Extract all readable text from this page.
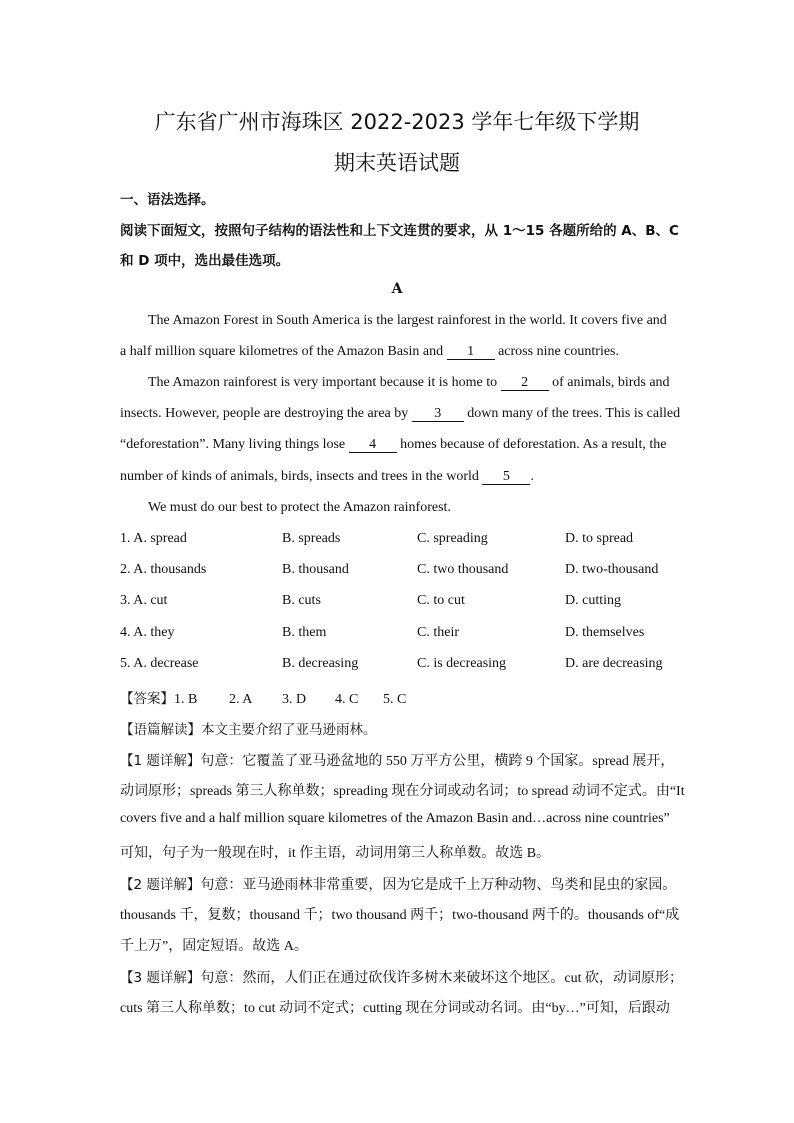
广东省广州市海珠区 2022-2023 学年七年级下学期
期末英语试题
一、语法选择。
阅读下面短文，按照句子结构的语法性和上下文连贯的要求，从 1～15 各题所给的 A、B、C
和 D 项中，选出最佳选项。
A
The Amazon Forest in South America is the largest rainforest in the world. It covers five and
a half million square kilometres of the Amazon Basin and 1 across nine countries.
The Amazon rainforest is very important because it is home to 2 of animals, birds and
insects. However, people are destroying the area by 3 down many of the trees. This is called
“deforestation”. Many living things lose 4 homes because of deforestation. As a result, the
number of kinds of animals, birds, insects and trees in the world 5 .
We must do our best to protect the Amazon rainforest.
1. A. spread	B. spreads	C. spreading	D. to spread
2. A. thousands	B. thousand	C. two thousand	D. two-thousand
3. A. cut	B. cuts	C. to cut	D. cutting
4. A. they	B. them	C. their	D. themselves
5. A. decrease	B. decreasing	C. is decreasing	D. are decreasing
【答案】1. B 2. A 3. D 4. C 5. C
【语篇解读】本文主要介绍了亚马逊雨林。
【1 题详解】句意：它覆盖了亚马逊盆地的 550 万平方公里，横跨 9 个国家。spread 展开，
动词原形；spreads 第三人称单数；spreading 现在分词或动名词；to spread 动词不定式。由“It
covers five and a half million square kilometres of the Amazon Basin and…across nine countries”
可知，句子为一般现在时，it 作主语，动词用第三人称单数。故选 B。
【2 题详解】句意：亚马逊雨林非常重要，因为它是成千上万种动物、鸟类和昆虫的家园。
thousands 千，复数；thousand 千；two thousand 两千；two-thousand 两千的。thousands of“成
千上万”，固定短语。故选 A。
【3 题详解】句意：然而，人们正在通过砍伐许多树木来破坏这个地区。cut 砍，动词原形；
cuts 第三人称单数；to cut 动词不定式；cutting 现在分词或动名词。由“by…”可知，后跟动
